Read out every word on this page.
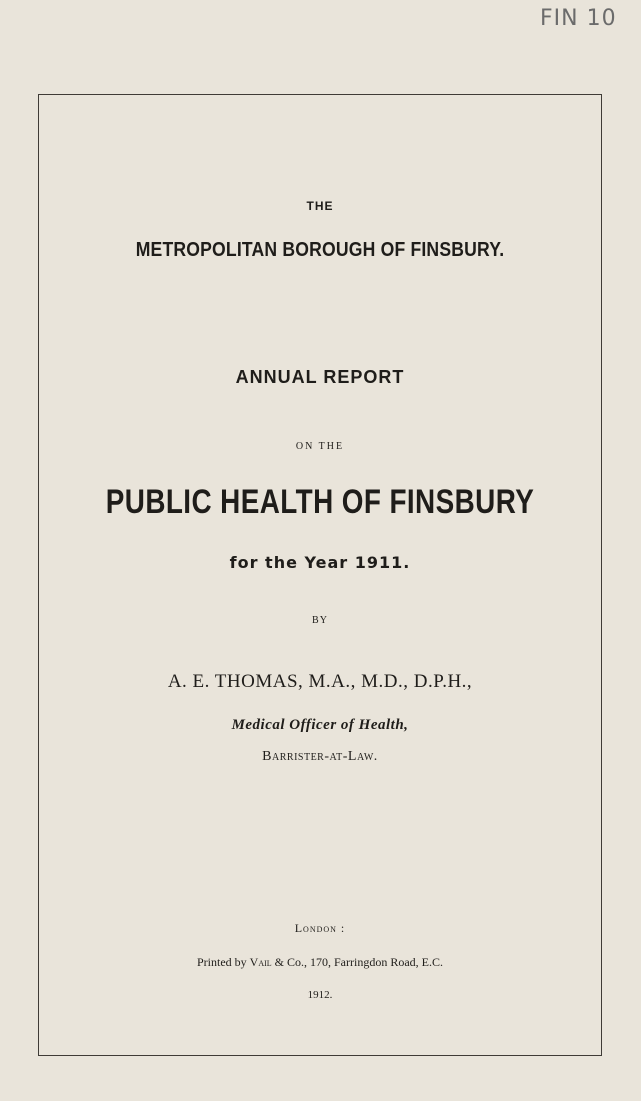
FIN 10
THE
METROPOLITAN BOROUGH OF FINSBURY.
ANNUAL REPORT
ON THE
PUBLIC HEALTH OF FINSBURY
for the Year 1911.
BY
A. E. THOMAS, M.A., M.D., D.P.H.,
Medical Officer of Health,
Barrister-at-Law.
London :
Printed by Vail & Co., 170, Farringdon Road, E.C.
1912.
